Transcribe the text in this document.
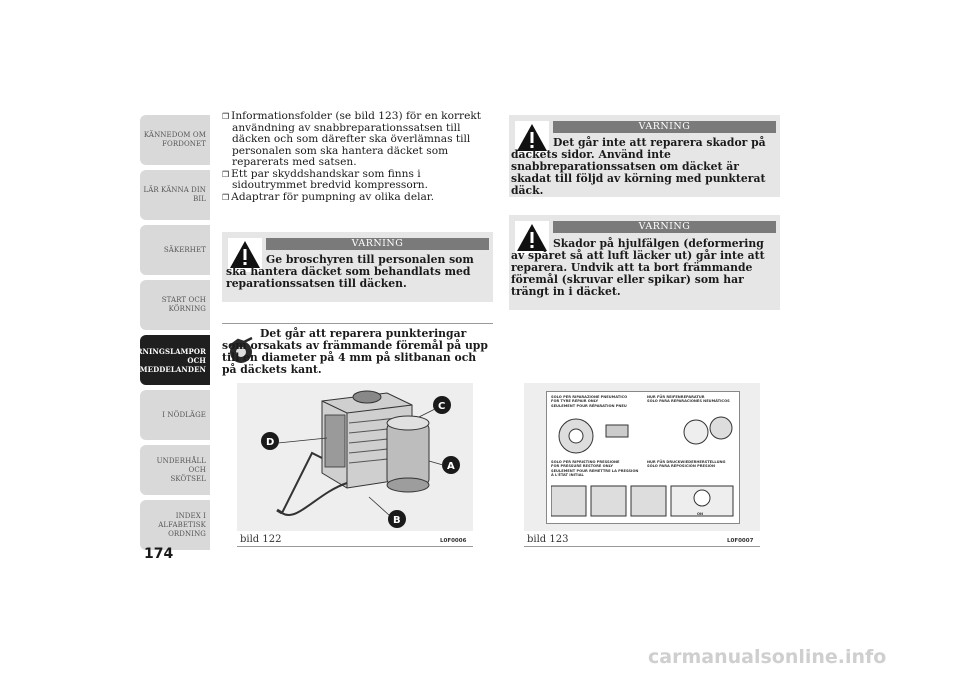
KÄNNEDOM OM
FORDONET
LÄR KÄNNA DIN
BIL
SÄKERHET
START OCH
KÖRNING
VARNINGSLAMPOR
OCH
MEDDELANDEN
I NÖDLÄGE
UNDERHÅLL OCH
SKÖTSEL
INDEX I
ALFABETISK
ORDNING
174

❒ Informationsfolder (se bild 123) för en korrekt användning av snabbreparationssatsen till däcken och som därefter ska överlämnas till personalen som ska hantera däcket som reparerats med satsen.

❒ Ett par skyddshandskar som finns i sidoutrymmet bredvid kompressorn.

❒ Adaptrar för pumpning av olika delar.

VARNING
Ge broschyren till personalen som ska hantera däcket som behandlats med reparationssatsen till däcken.
Det går att reparera punkteringar som orsakats av främmande föremål på upp till en diameter på 4 mm på slitbanan och på däckets kant.
C
D
A
B
bild 122	L0F0006
VARNING
Det går inte att reparera skador på däckets sidor. Använd inte snabbreparationssatsen om däcket är skadat till följd av körning med punkterat däck.
VARNING
Skador på hjulfälgen (deformering av spåret så att luft läcker ut) går inte att reparera. Undvik att ta bort främmande föremål (skruvar eller spikar) som har trängt in i däcket.
SOLO PER RIPARAZIONE PNEUMATICO
FOR TYRE REPAIR ONLY
SEULEMENT POUR RÉPARATION PNEU
NUR FÜR REIFENREPARATUR
SÓLO PARA REPARACIONES NEUMÁTICOS
SOLO PER RIPRISTINO PRESSIONE
FOR PRESSURE RESTORE ONLY
SEULEMENT POUR REMETTRE LA PRESSION À L'ÉTAT INITIAL
NUR FÜR DRUCKWIEDERHERSTELLUNG
SÓLO PARA REPOSICIÓN PRESIÓN
ON
bild 123	L0F0007
carmanualsonline.info
